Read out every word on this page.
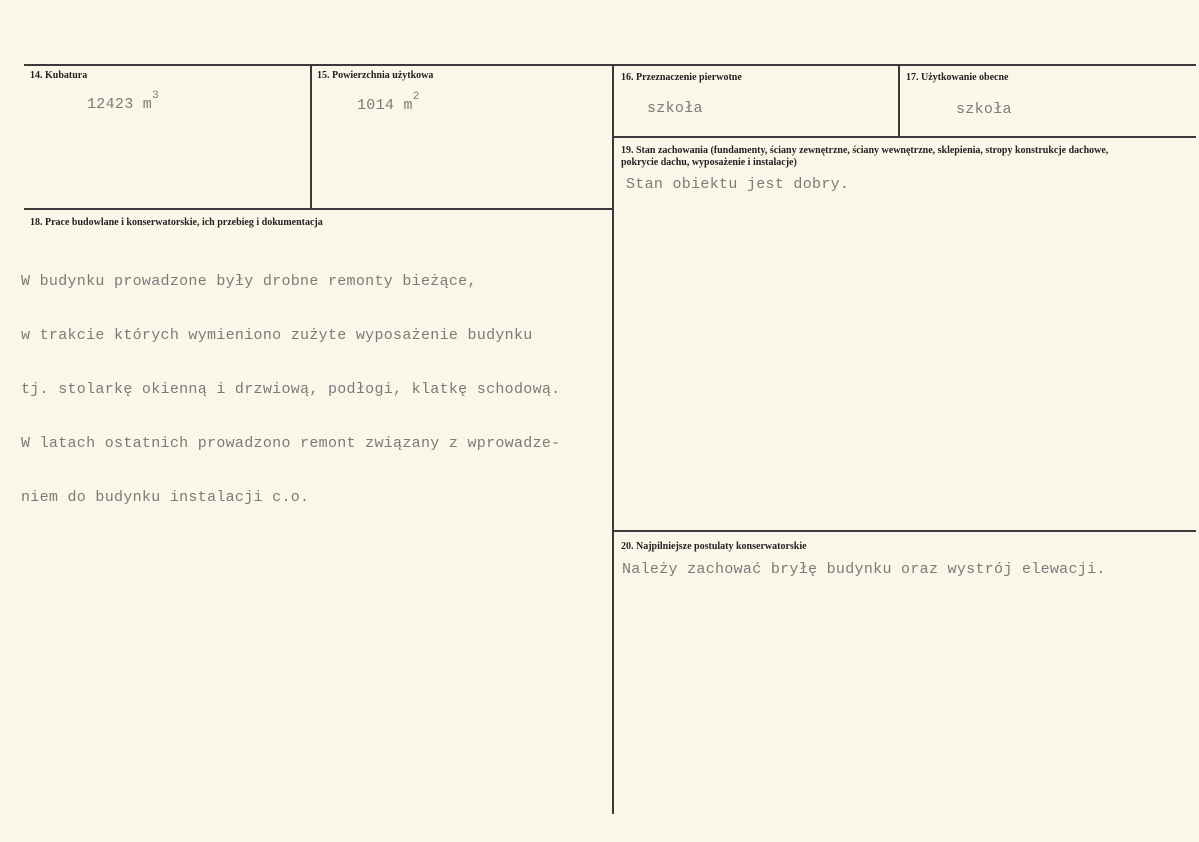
14. Kubatura
12423 $m^3$
15. Powierzchnia użytkowa
1014 $m^2$
16. Przeznaczenie pierwotne
szkoła
17. Użytkowanie obecne
szkoła
18. Prace budowlane i konserwatorskie, ich przebieg i dokumentacja

W budynku prowadzone były drobne remonty bieżące,

w trakcie których wymieniono zużyte wyposażenie budynku

tj. stolarkę okienną i drzwiową, podłogi, klatkę schodową.

W latach ostatnich prowadzono remont związany z wprowadze-

niem do budynku instalacji c.o.

19. Stan zachowania (fundamenty, ściany zewnętrzne, ściany wewnętrzne, sklepienia, stropy konstrukcje dachowe, pokrycie dachu, wyposażenie i instalacje)
Stan obiektu jest dobry.
20. Najpilniejsze postulaty konserwatorskie
Należy zachować bryłę budynku oraz wystrój elewacji.
